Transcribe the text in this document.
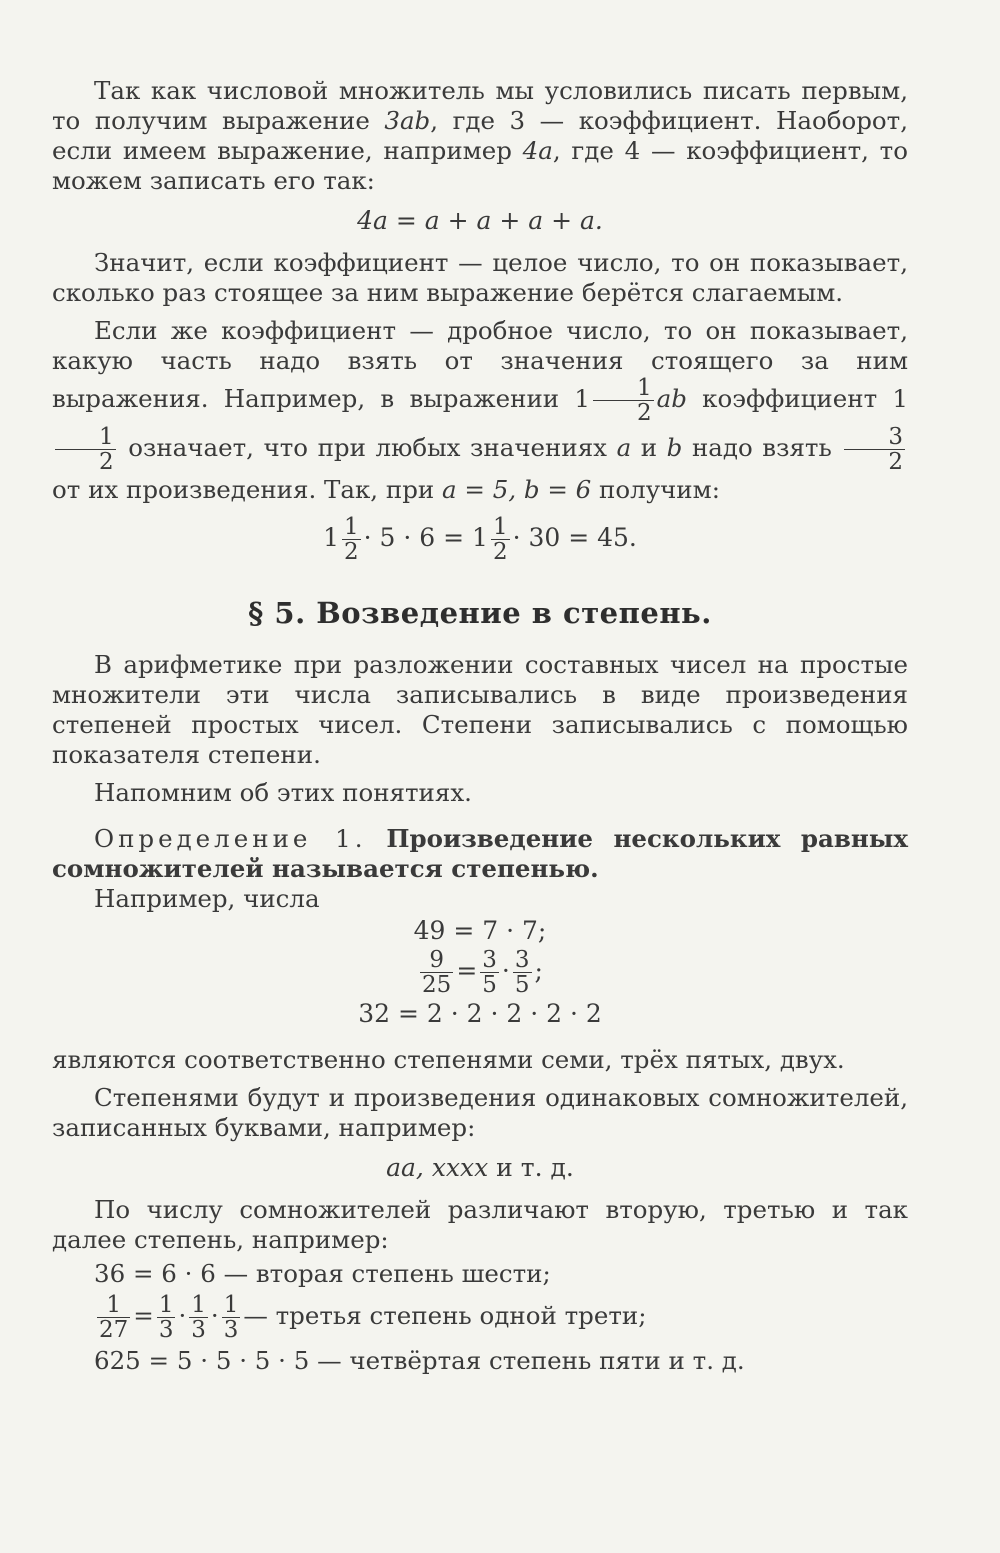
Так как числовой множитель мы условились писать первым, то получим выражение 3ab, где 3 — коэффициент. Наоборот, если имеем выражение, например 4a, где 4 — коэффициент, то можем записать его так:

4a = a + a + a + a.

Значит, если коэффициент — целое число, то он показывает, сколько раз стоящее за ним выражение берётся слагаемым.

Если же коэффициент — дробное число, то он показывает, какую часть надо взять от значения стоящего за ним выражения. Например, в выражении $1 \frac{1}{2}$ ab коэффициент 1
$\frac{1}{2}$ означает, что при любых значениях a и b надо взять $\frac{3}{2}$
от их произведения. Так, при a = 5, b = 6 получим:

$1 \frac{1}{2} \cdot 5 \cdot 6 = 1 \frac{1}{2} \cdot 30 = 45$.
§ 5. Возведение в степень.

В арифметике при разложении составных чисел на простые множители эти числа записывались в виде произведения степеней простых чисел. Степени записывались с помощью показателя степени.

Напомним об этих понятиях.

Определение 1. Произведение нескольких равных сомножителей называется степенью.

Например, числа

49 = 7 · 7;
$\frac{9}{25} = \frac{3}{5} \cdot \frac{3}{5}$ ;
32 = 2 · 2 · 2 · 2 · 2

являются соответственно степенями семи, трёх пятых, двух.

Степенями будут и произведения одинаковых сомножителей, записанных буквами, например:

aa, xxxx и т. д.

По числу сомножителей различают вторую, третью и так далее степень, например:

36 = 6 · 6 — вторая степень шести;
$\frac{1}{27} = \frac{1}{3} \cdot \frac{1}{3} \cdot \frac{1}{3}$ — третья степень одной трети;
625 = 5 · 5 · 5 · 5 — четвёртая степень пяти и т. д.
